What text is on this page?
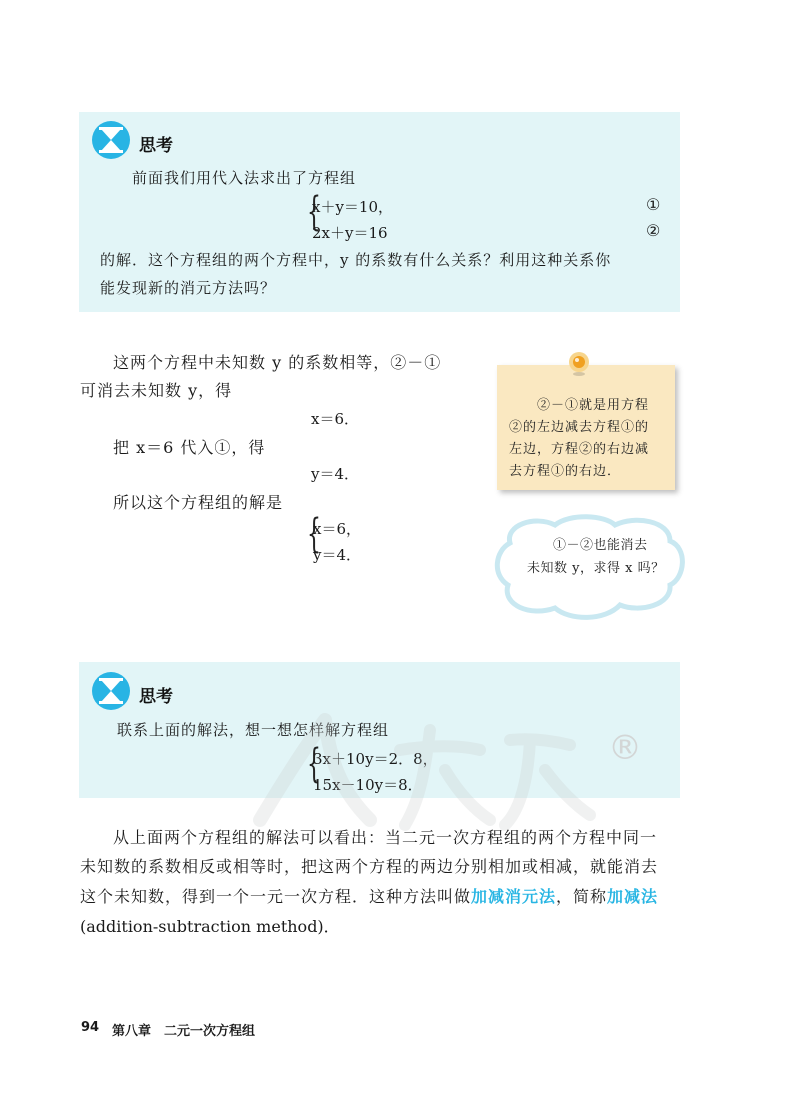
思考
前面我们用代入法求出了方程组
{
x＋y＝10，
2x＋y＝16
①
②
的解．这个方程组的两个方程中，y 的系数有什么关系？利用这种关系你
能发现新的消元方法吗？
这两个方程中未知数 y 的系数相等，②－①
可消去未知数 y，得
x＝6．
把 x＝6 代入①，得
y＝4．
所以这个方程组的解是
{
x＝6，
y＝4．
②－①就是用方程
②的左边减去方程①的
左边，方程②的右边减
去方程①的右边．
①－②也能消去
未知数 y，求得 x 吗？
思考
联系上面的解法，想一想怎样解方程组
{
3x＋10y＝2．8，
15x－10y＝8．
®
从上面两个方程组的解法可以看出：当二元一次方程组的两个方程中同一
未知数的系数相反或相等时，把这两个方程的两边分别相加或相减，就能消去
这个未知数，得到一个一元一次方程．这种方法叫做加减消元法，简称加减法
(addition-subtraction method)．
94 第八章　二元一次方程组
